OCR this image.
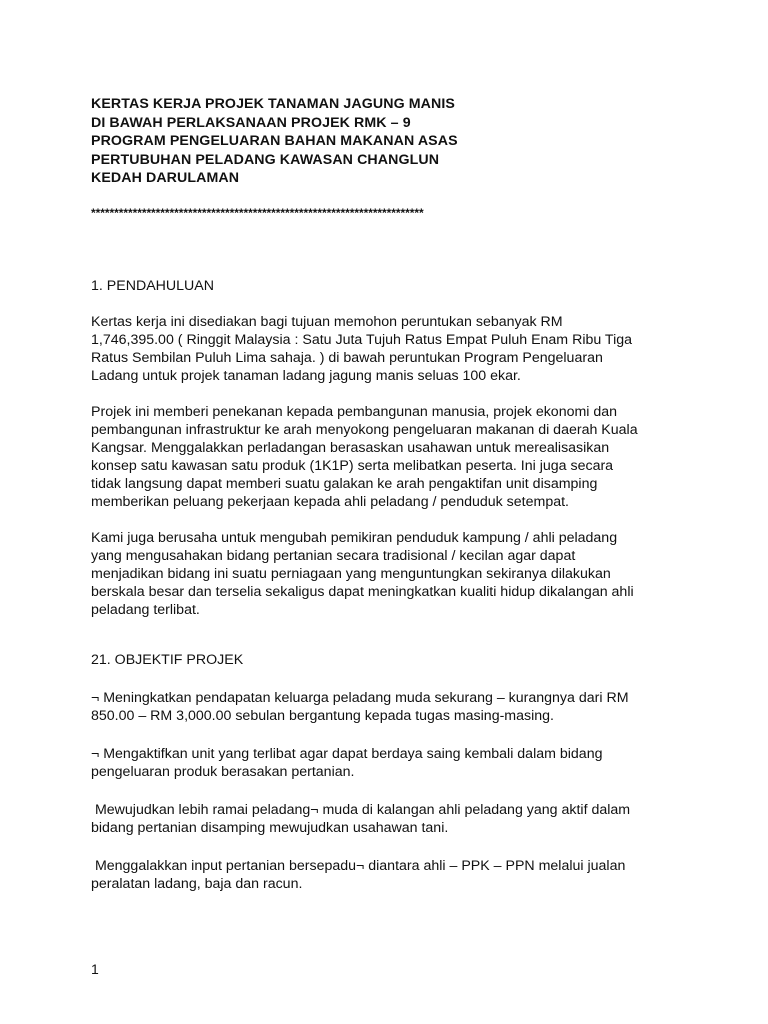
KERTAS KERJA PROJEK TANAMAN JAGUNG MANIS
DI BAWAH PERLAKSANAAN PROJEK RMK – 9
PROGRAM PENGELUARAN BAHAN MAKANAN ASAS
PERTUBUHAN PELADANG KAWASAN CHANGLUN
KEDAH DARULAMAN
************************************************************************
1. PENDAHULUAN
Kertas kerja ini disediakan bagi tujuan memohon peruntukan sebanyak RM
1,746,395.00 ( Ringgit Malaysia : Satu Juta Tujuh Ratus Empat Puluh Enam Ribu Tiga
Ratus Sembilan Puluh Lima sahaja. ) di bawah peruntukan Program Pengeluaran
Ladang untuk projek tanaman ladang jagung manis seluas 100 ekar.
Projek ini memberi penekanan kepada pembangunan manusia, projek ekonomi dan
pembangunan infrastruktur ke arah menyokong pengeluaran makanan di daerah Kuala
Kangsar. Menggalakkan perladangan berasaskan usahawan untuk merealisasikan
konsep satu kawasan satu produk (1K1P) serta melibatkan peserta. Ini juga secara
tidak langsung dapat memberi suatu galakan ke arah pengaktifan unit disamping
memberikan peluang pekerjaan kepada ahli peladang / penduduk setempat.
Kami juga berusaha untuk mengubah pemikiran penduduk kampung / ahli peladang
yang mengusahakan bidang pertanian secara tradisional / kecilan agar dapat
menjadikan bidang ini suatu perniagaan yang menguntungkan sekiranya dilakukan
berskala besar dan terselia sekaligus dapat meningkatkan kualiti hidup dikalangan ahli
peladang terlibat.
21. OBJEKTIF PROJEK
¬ Meningkatkan pendapatan keluarga peladang muda sekurang – kurangnya dari RM
850.00 – RM 3,000.00 sebulan bergantung kepada tugas masing-masing.
¬ Mengaktifkan unit yang terlibat agar dapat berdaya saing kembali dalam bidang
pengeluaran produk berasakan pertanian.
Mewujudkan lebih ramai peladang¬ muda di kalangan ahli peladang yang aktif dalam
bidang pertanian disamping mewujudkan usahawan tani.
Menggalakkan input pertanian bersepadu¬ diantara ahli – PPK – PPN melalui jualan
peralatan ladang, baja dan racun.
1
